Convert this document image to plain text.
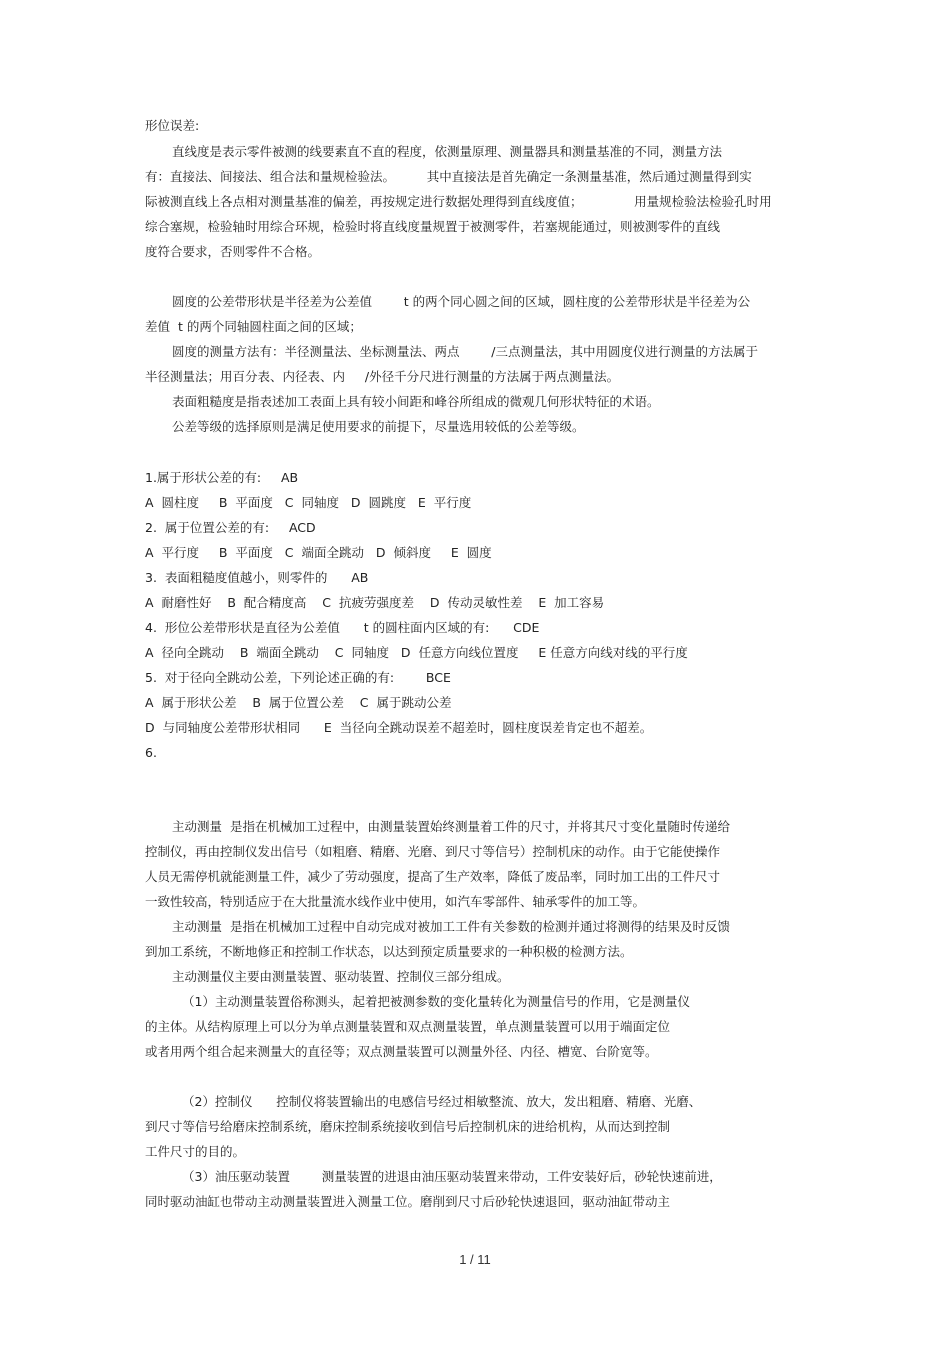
形位误差:
直线度是表示零件被测的线要素直不直的程度，依测量原理、测量器具和测量基准的不同，测量方法
有：直接法、间接法、组合法和量规检验法。        其中直接法是首先确定一条测量基准，然后通过测量得到实
际被测直线上各点相对测量基准的偏差，再按规定进行数据处理得到直线度值；             用量规检验法检验孔时用
综合塞规，检验轴时用综合环规，检验时将直线度量规置于被测零件，若塞规能通过，则被测零件的直线
度符合要求，否则零件不合格。
圆度的公差带形状是半径差为公差值        t 的两个同心圆之间的区域，圆柱度的公差带形状是半径差为公
差值  t 的两个同轴圆柱面之间的区域；
圆度的测量方法有：半径测量法、坐标测量法、两点        /三点测量法，其中用圆度仪进行测量的方法属于
半径测量法；用百分表、内径表、内     /外径千分尺进行测量的方法属于两点测量法。
表面粗糙度是指表述加工表面上具有较小间距和峰谷所组成的微观几何形状特征的术语。
公差等级的选择原则是满足使用要求的前提下，尽量选用较低的公差等级。
1.属于形状公差的有:     AB
A  圆柱度     B  平面度   C  同轴度   D  圆跳度   E  平行度
2.  属于位置公差的有:     ACD
A  平行度     B  平面度   C  端面全跳动   D  倾斜度     E  圆度
3.  表面粗糙度值越小，则零件的      AB
A  耐磨性好    B  配合精度高    C  抗疲劳强度差    D  传动灵敏性差    E  加工容易
4.  形位公差带形状是直径为公差值      t 的圆柱面内区域的有:      CDE
A  径向全跳动    B  端面全跳动    C  同轴度   D  任意方向线位置度     E 任意方向线对线的平行度
5.  对于径向全跳动公差，下列论述正确的有:        BCE
A  属于形状公差    B  属于位置公差    C  属于跳动公差
D  与同轴度公差带形状相同      E  当径向全跳动误差不超差时，圆柱度误差肯定也不超差。
6.
主动测量  是指在机械加工过程中，由测量装置始终测量着工件的尺寸，并将其尺寸变化量随时传递给
控制仪，再由控制仪发出信号（如粗磨、精磨、光磨、到尺寸等信号）控制机床的动作。由于它能使操作
人员无需停机就能测量工件，减少了劳动强度，提高了生产效率，降低了废品率，同时加工出的工件尺寸
一致性较高，特别适应于在大批量流水线作业中使用，如汽车零部件、轴承零件的加工等。
主动测量  是指在机械加工过程中自动完成对被加工工件有关参数的检测并通过将测得的结果及时反馈
到加工系统，不断地修正和控制工作状态，以达到预定质量要求的一种积极的检测方法。
主动测量仪主要由测量装置、驱动装置、控制仪三部分组成。
（1）主动测量装置俗称测头，起着把被测参数的变化量转化为测量信号的作用，它是测量仪
的主体。从结构原理上可以分为单点测量装置和双点测量装置，单点测量装置可以用于端面定位
或者用两个组合起来测量大的直径等；双点测量装置可以测量外径、内径、槽宽、台阶宽等。
（2）控制仪      控制仪将装置输出的电感信号经过相敏整流、放大，发出粗磨、精磨、光磨、
到尺寸等信号给磨床控制系统，磨床控制系统接收到信号后控制机床的进给机构，从而达到控制
工件尺寸的目的。
（3）油压驱动装置        测量装置的进退由油压驱动装置来带动，工件安装好后，砂轮快速前进，
同时驱动油缸也带动主动测量装置进入测量工位。磨削到尺寸后砂轮快速退回，驱动油缸带动主
1 / 11
